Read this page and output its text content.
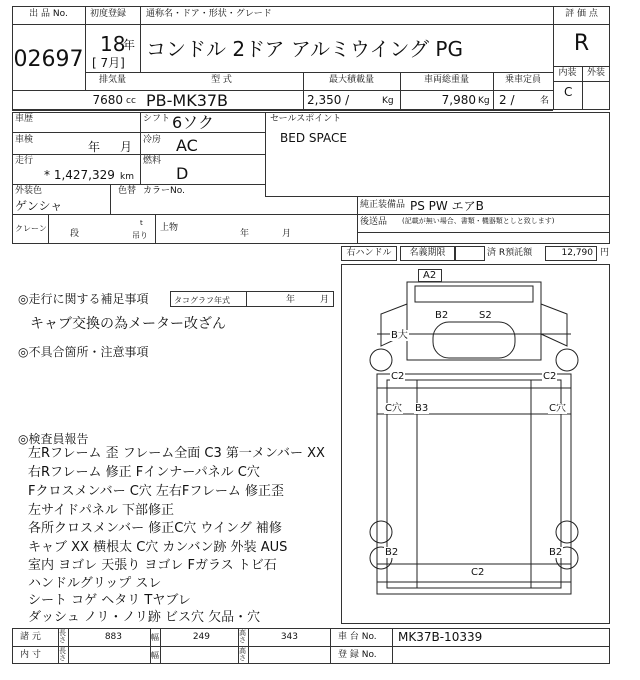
出 品 No.
02697
初度登録
18
年
[ 7月]
通称名・ドア・形状・グレード
コンドル 2ドア アルミウイング PG
評 価 点
R
内装	外装
C
排気量
7680 cc
型 式
PB-MK37B
最大積載量
2,350 /	Kg
車両総重量
7,980 Kg
乗車定員
2 /	名
車歴	シフト 6ソク
車検	年 月 冷房 AC
走行
* 1,427,329 km
燃料
D
セールスポイント
BED SPACE
外装色
ゲンシャ
色替 カラーNo.
純正装備品 PS PW エアB
後送品 (記載が無い場合、書類・機器類としと致します)
クレーン
段
t
吊り
上物
年	月
右ハンドル	名義期限	済 R預託額	12,790 円
◎走行に関する補足事項	タコグラフ年式	年	月
キャブ交換の為メーター改ざん
◎不具合箇所・注意事項
◎検査員報告
左Rフレーム 歪 フレーム全面 C3 第一メンバー XX
右Rフレーム 修正 Fインナーパネル C穴
Fクロスメンバー C穴 左右Fフレーム 修正歪
左サイドパネル 下部修正
各所クロスメンバー 修正C穴 ウイング 補修
キャブ XX 横根太 C穴 カンバン跡 外装 AUS
室内 ヨゴレ 天張り ヨゴレ Fガラス トビ石
ハンドルグリップ スレ
シート コゲ ヘタリ Tヤブレ
ダッシュ ノリ・ノリ跡 ビス穴 欠品・穴
A2
B2	S2
B大
C2	C2
C穴 B3	C穴
B2	B2
C2
諸 元	長さ	883	幅	249	高さ	343	車 台 No. MK37B-10339
内 寸	長さ	幅	高さ	登 録 No.
